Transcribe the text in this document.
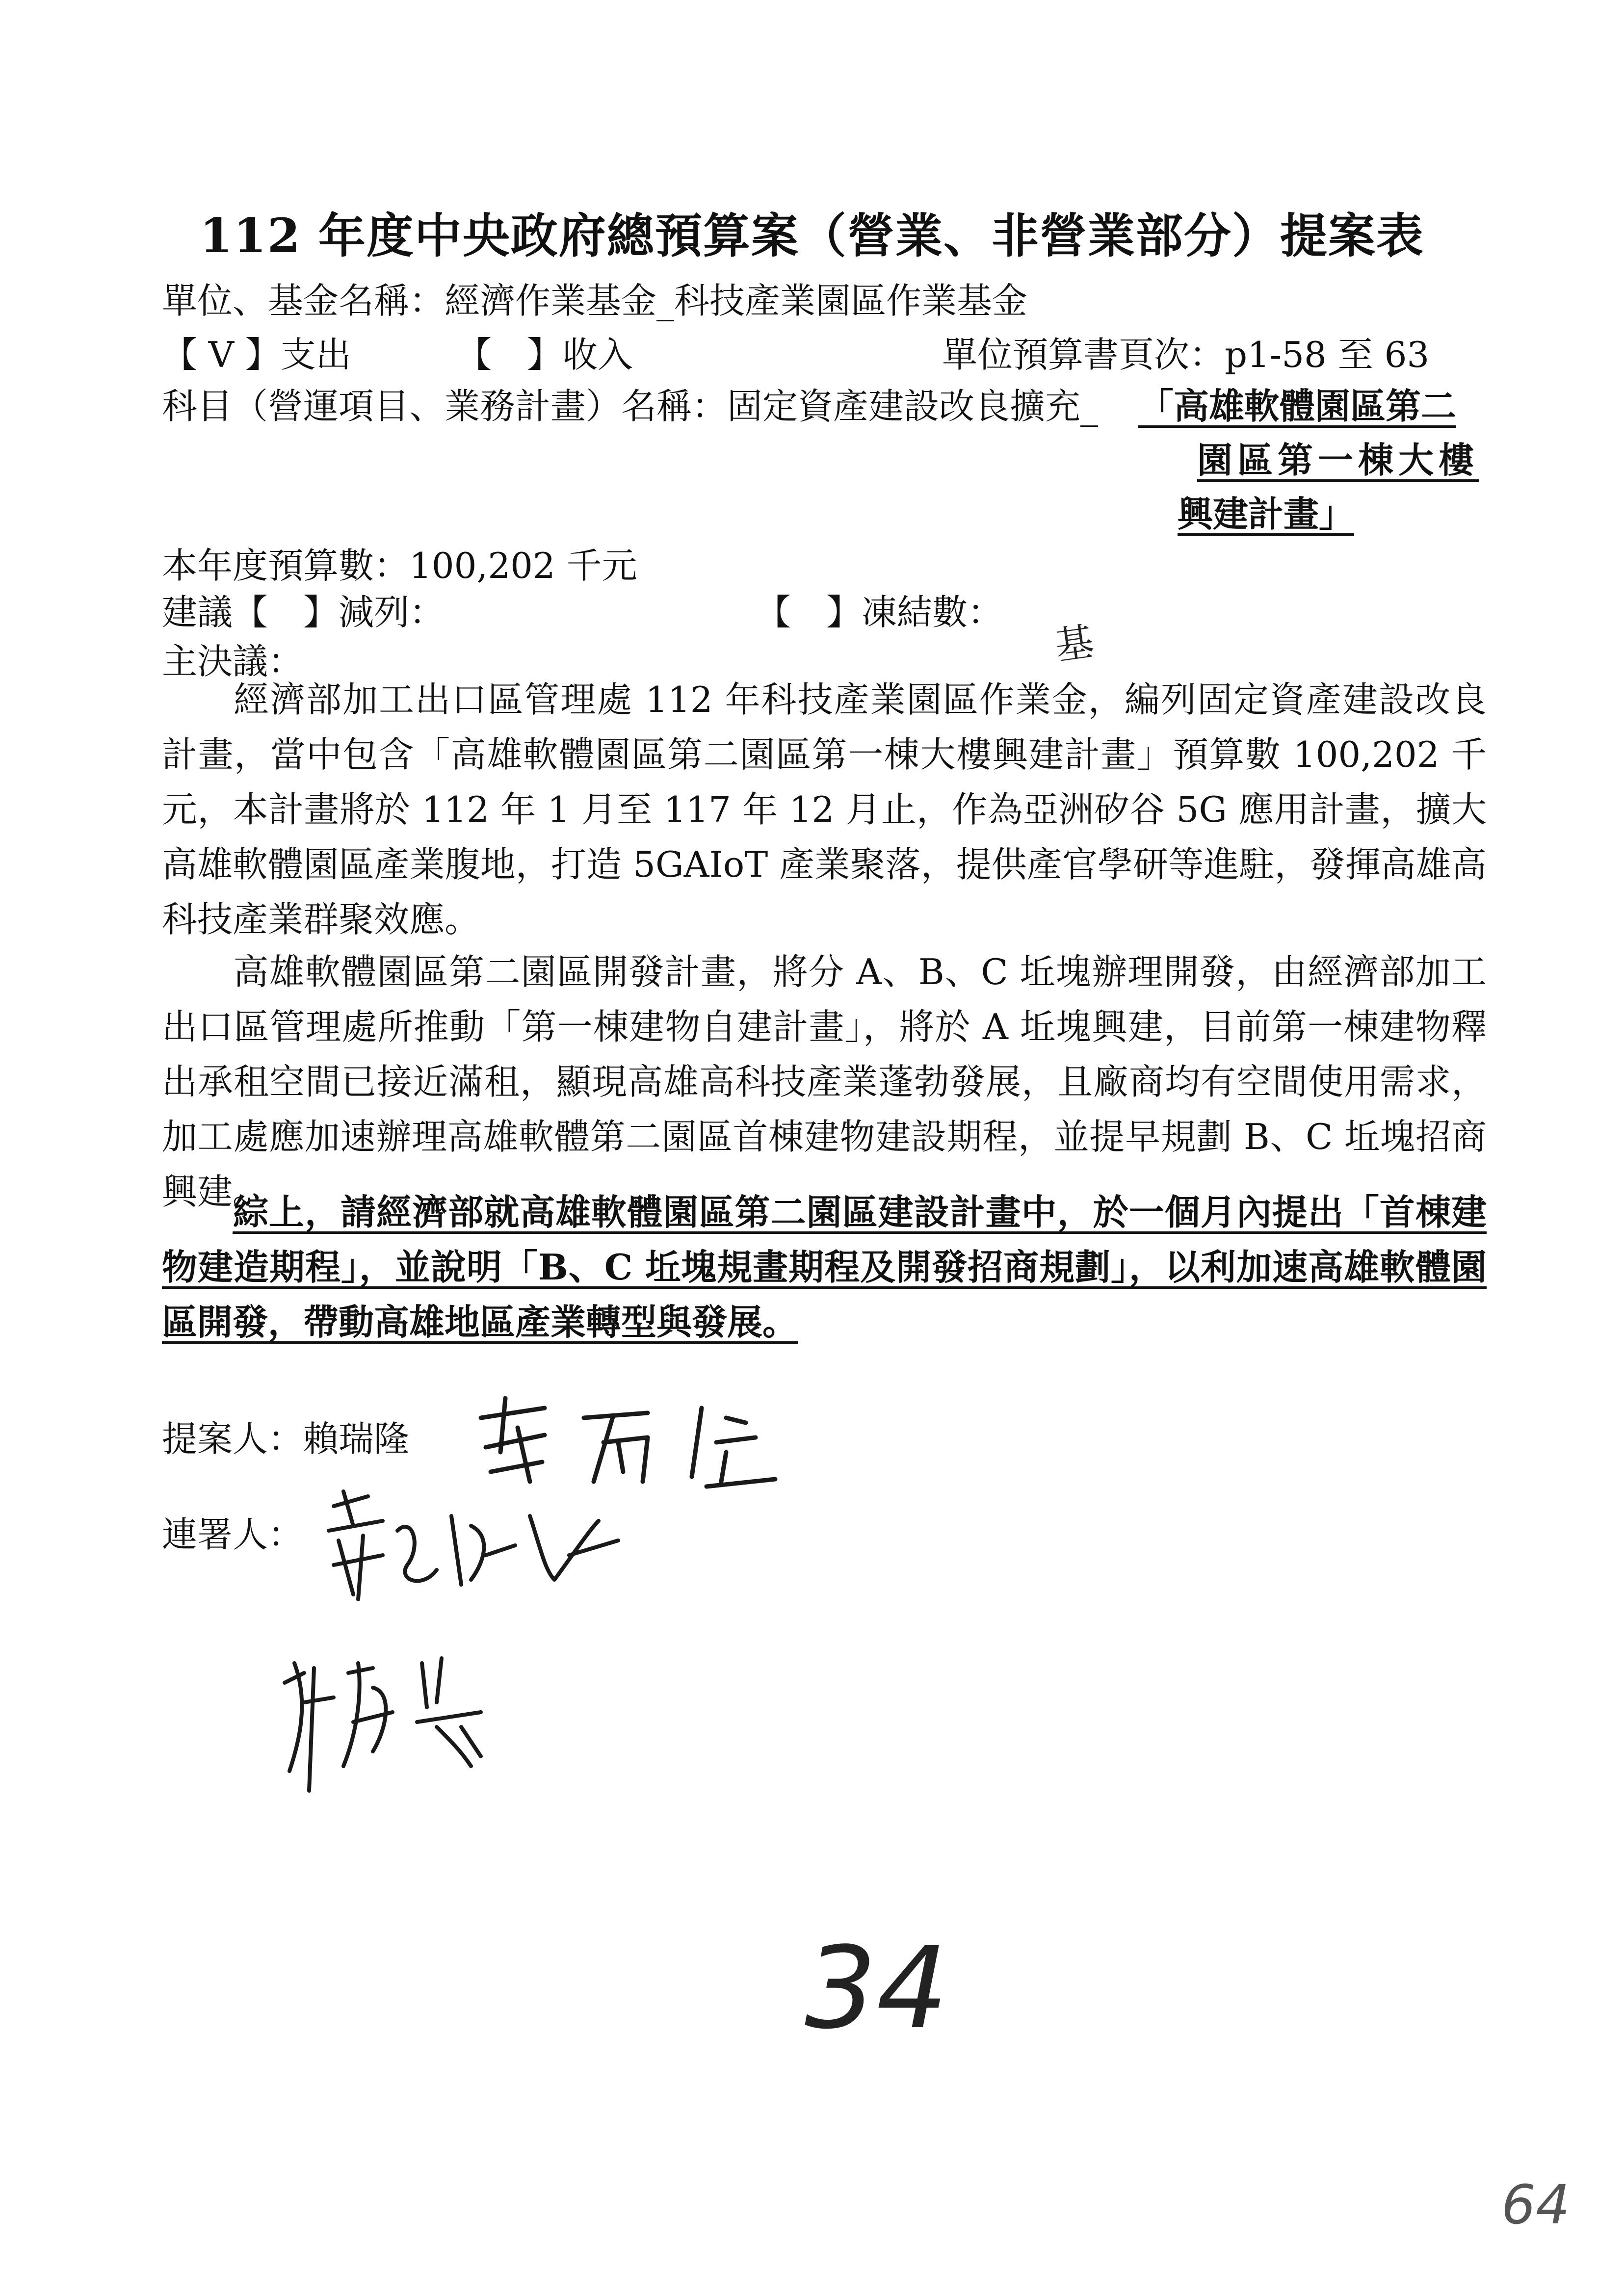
112 年度中央政府總預算案（營業、非營業部分）提案表
單位、基金名稱：經濟作業基金_科技產業園區作業基金
【 V 】支出	【　】收入	單位預算書頁次：p1-58 至 63
科目（營運項目、業務計畫）名稱：固定資產建設改良擴充_ 「高雄軟體園區第二
園區第一棟大樓
興建計畫」
本年度預算數：100,202 千元
建議【　】減列：	【　】凍結數：
主決議：	基
經濟部加工出口區管理處 112 年科技產業園區作業金，編列固定資產建設改良計畫，當中包含「高雄軟體園區第二園區第一棟大樓興建計畫」預算數 100,202 千元，本計畫將於 112 年 1 月至 117 年 12 月止，作為亞洲矽谷 5G 應用計畫，擴大高雄軟體園區產業腹地，打造 5GAIoT 產業聚落，提供產官學研等進駐，發揮高雄高科技產業群聚效應。
高雄軟體園區第二園區開發計畫，將分 A、B、C 坵塊辦理開發，由經濟部加工出口區管理處所推動「第一棟建物自建計畫」，將於 A 坵塊興建，目前第一棟建物釋出承租空間已接近滿租，顯現高雄高科技產業蓬勃發展，且廠商均有空間使用需求，加工處應加速辦理高雄軟體第二園區首棟建物建設期程，並提早規劃 B、C 坵塊招商興建。
綜上，請經濟部就高雄軟體園區第二園區建設計畫中，於一個月內提出「首棟建物建造期程」，並說明「B、C 坵塊規畫期程及開發招商規劃」，以利加速高雄軟體園區開發，帶動高雄地區產業轉型與發展。
提案人：賴瑞隆
連署人：
34
64
